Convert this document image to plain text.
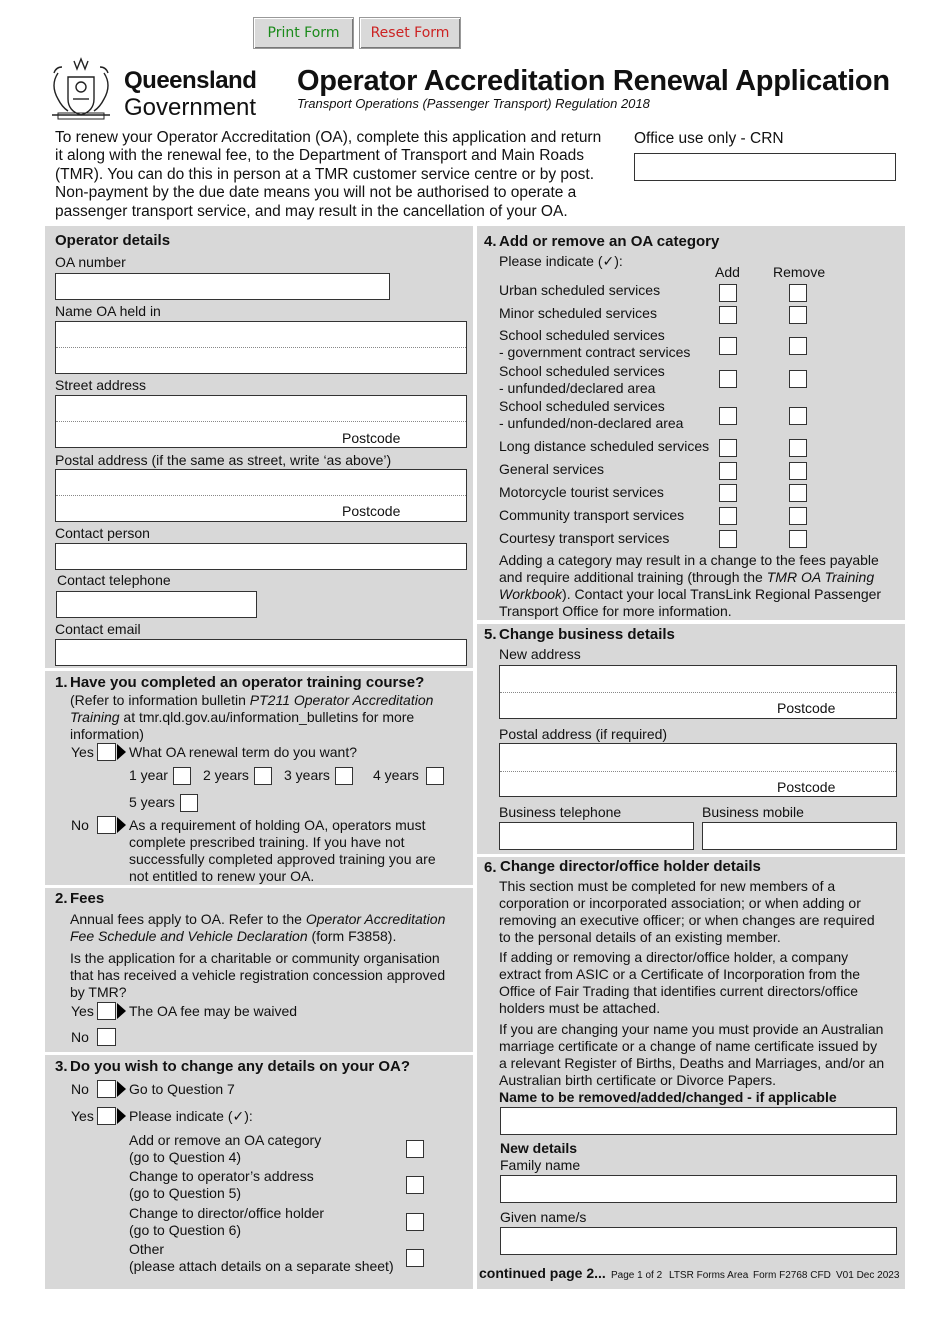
Print Form	Reset Form
Queensland
Government
Operator Accreditation Renewal Application
Transport Operations (Passenger Transport) Regulation 2018
To renew your Operator Accreditation (OA), complete this application and return
it along with the renewal fee, to the Department of Transport and Main Roads
(TMR). You can do this in person at a TMR customer service centre or by post.
Non-payment by the due date means you will not be authorised to operate a
passenger transport service, and may result in the cancellation of your OA.
Office use only - CRN
Operator details
OA number
Name OA held in
Street address
Postcode
Postal address (if the same as street, write ‘as above’)
Postcode
Contact person
Contact telephone
Contact email
1. Have you completed an operator training course?
(Refer to information bulletin PT211 Operator Accreditation
Training at tmr.qld.gov.au/information_bulletins for more
information)
Yes	What OA renewal term do you want?
1 year	2 years	3 years	4 years
5 years
No	As a requirement of holding OA, operators must
complete prescribed training. If you have not
successfully completed approved training you are
not entitled to renew your OA.
2. Fees
Annual fees apply to OA. Refer to the Operator Accreditation
Fee Schedule and Vehicle Declaration (form F3858).
Is the application for a charitable or community organisation
that has received a vehicle registration concession approved
by TMR?
Yes	The OA fee may be waived
No
3. Do you wish to change any details on your OA?
No	Go to Question 7
Yes	Please indicate (✓):
Add or remove an OA category
(go to Question 4)
Change to operator’s address
(go to Question 5)
Change to director/office holder
(go to Question 6)
Other
(please attach details on a separate sheet)
4. Add or remove an OA category
Please indicate (✓):
Add Remove
Urban scheduled services
Minor scheduled services
School scheduled services
- government contract services
School scheduled services
- unfunded/declared area
School scheduled services
- unfunded/non-declared area
Long distance scheduled services
General services
Motorcycle tourist services
Community transport services
Courtesy transport services
Adding a category may result in a change to the fees payable
and require additional training (through the TMR OA Training
Workbook). Contact your local TransLink Regional Passenger
Transport Office for more information.
5. Change business details
New address
Postcode
Postal address (if required)
Postcode
Business telephone	Business mobile
6. Change director/office holder details
This section must be completed for new members of a
corporation or incorporated association; or when adding or
removing an executive officer; or when changes are required
to the personal details of an existing member.
If adding or removing a director/office holder, a company
extract from ASIC or a Certificate of Incorporation from the
Office of Fair Trading that identifies current directors/office
holders must be attached.
If you are changing your name you must provide an Australian
marriage certificate or a change of name certificate issued by
a relevant Register of Births, Deaths and Marriages, and/or an
Australian birth certificate or Divorce Papers.
Name to be removed/added/changed - if applicable
New details
Family name
Given name/s
continued page 2... Page 1 of 2 LTSR Forms Area Form F2768 CFD V01 Dec 2023
